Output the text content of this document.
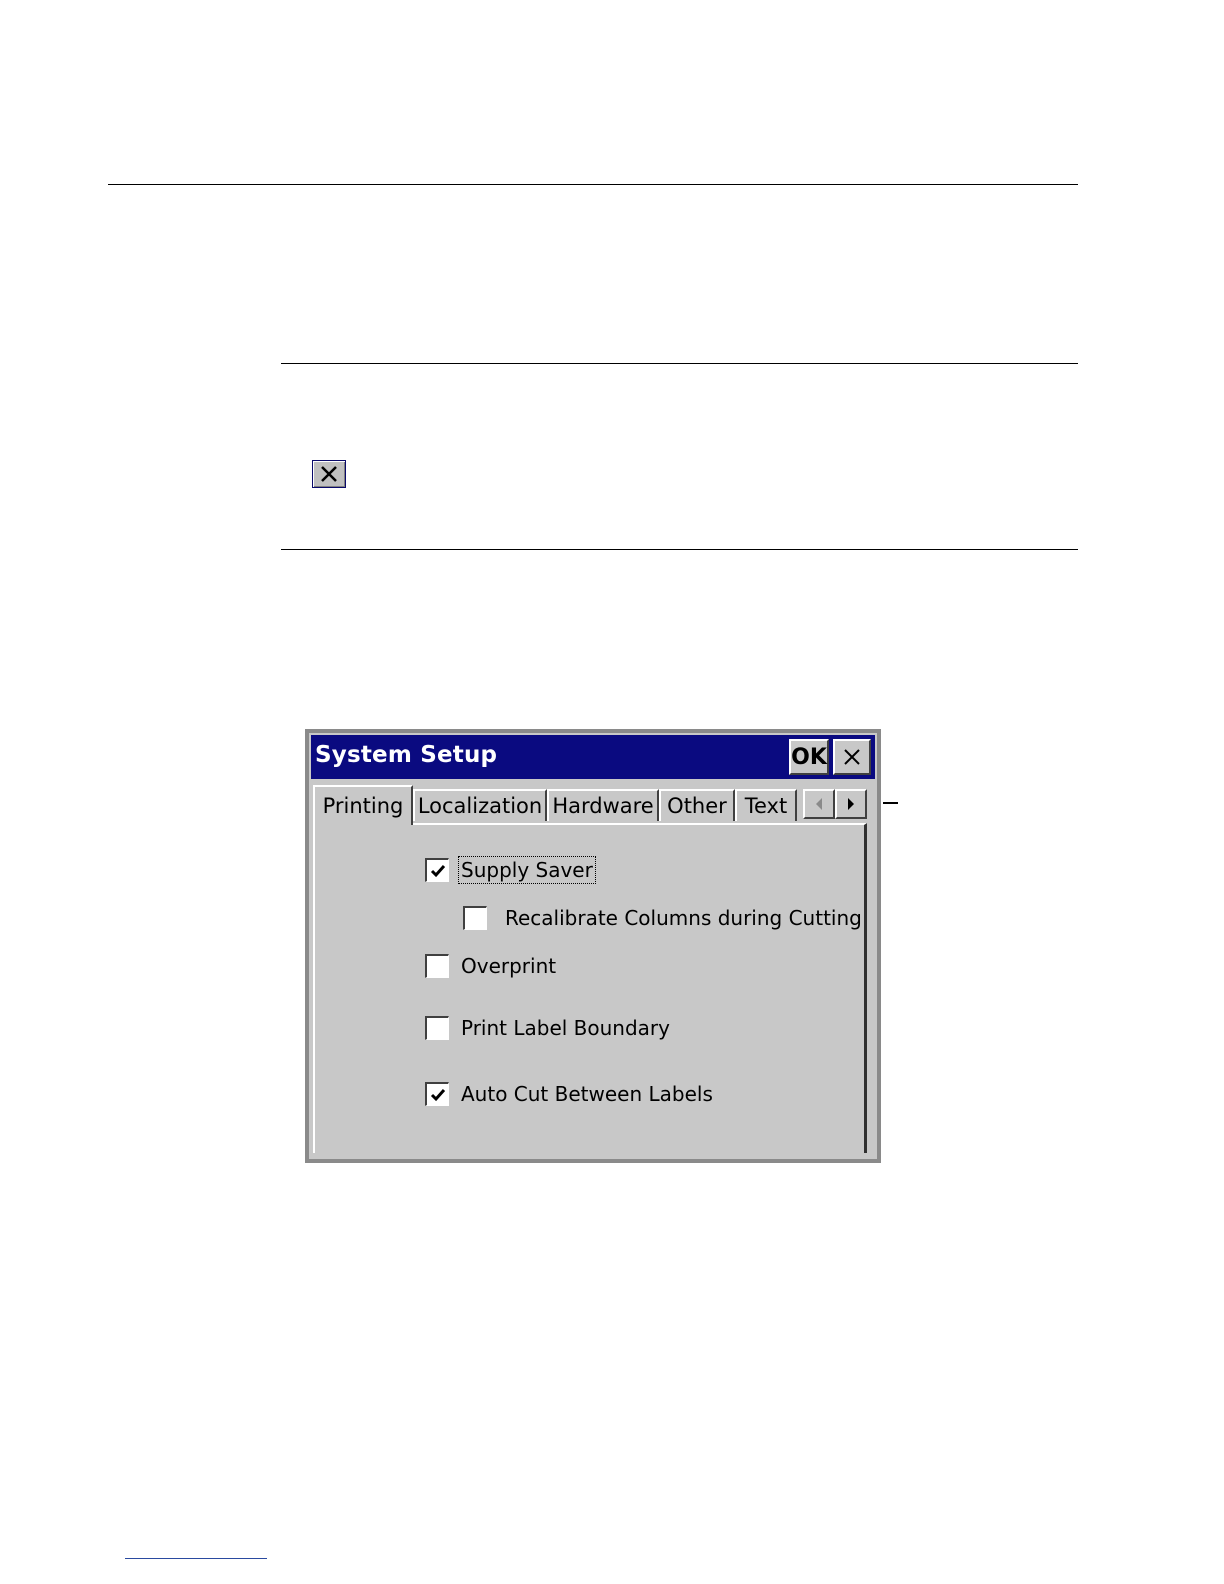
System Setup	OK
Printing Localization Hardware Other Text
Supply Saver
Recalibrate Columns during Cutting
Overprint
Print Label Boundary
Auto Cut Between Labels
